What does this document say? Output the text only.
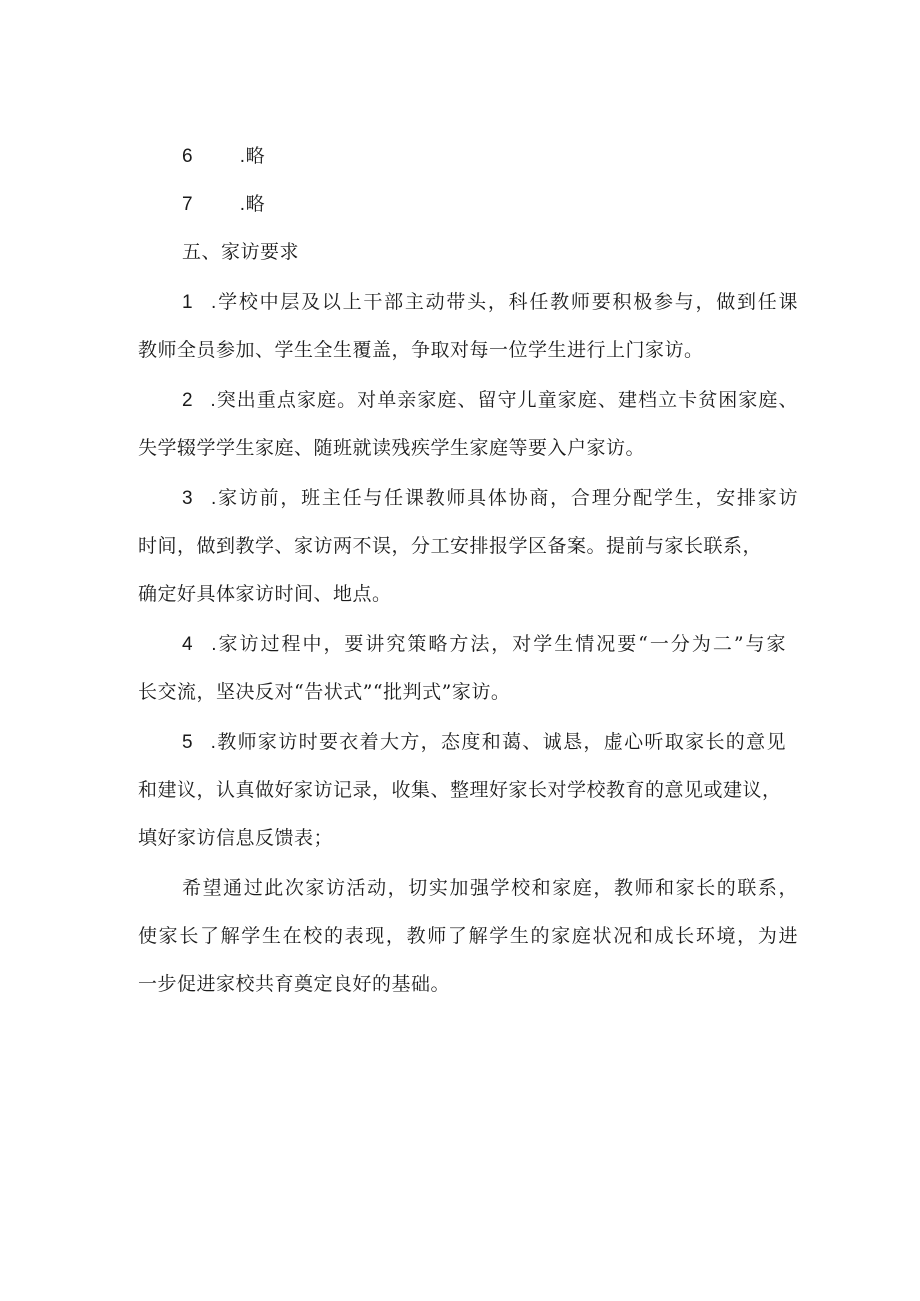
6 .略
7 .略
五、家访要求
1 .学校中层及以上干部主动带头，科任教师要积极参与，做到任课
教师全员参加、学生全生覆盖，争取对每一位学生进行上门家访。
2 .突出重点家庭。对单亲家庭、留守儿童家庭、建档立卡贫困家庭、
失学辍学学生家庭、随班就读残疾学生家庭等要入户家访。
3 .家访前，班主任与任课教师具体协商，合理分配学生，安排家访
时间，做到教学、家访两不误，分工安排报学区备案。提前与家长联系，
确定好具体家访时间、地点。
4 .家访过程中，要讲究策略方法，对学生情况要“一分为二”与家
长交流，坚决反对“告状式”“批判式”家访。
5 .教师家访时要衣着大方，态度和蔼、诚恳，虚心听取家长的意见
和建议，认真做好家访记录，收集、整理好家长对学校教育的意见或建议，
填好家访信息反馈表；
希望通过此次家访活动，切实加强学校和家庭，教师和家长的联系，
使家长了解学生在校的表现，教师了解学生的家庭状况和成长环境，为进
一步促进家校共育奠定良好的基础。
